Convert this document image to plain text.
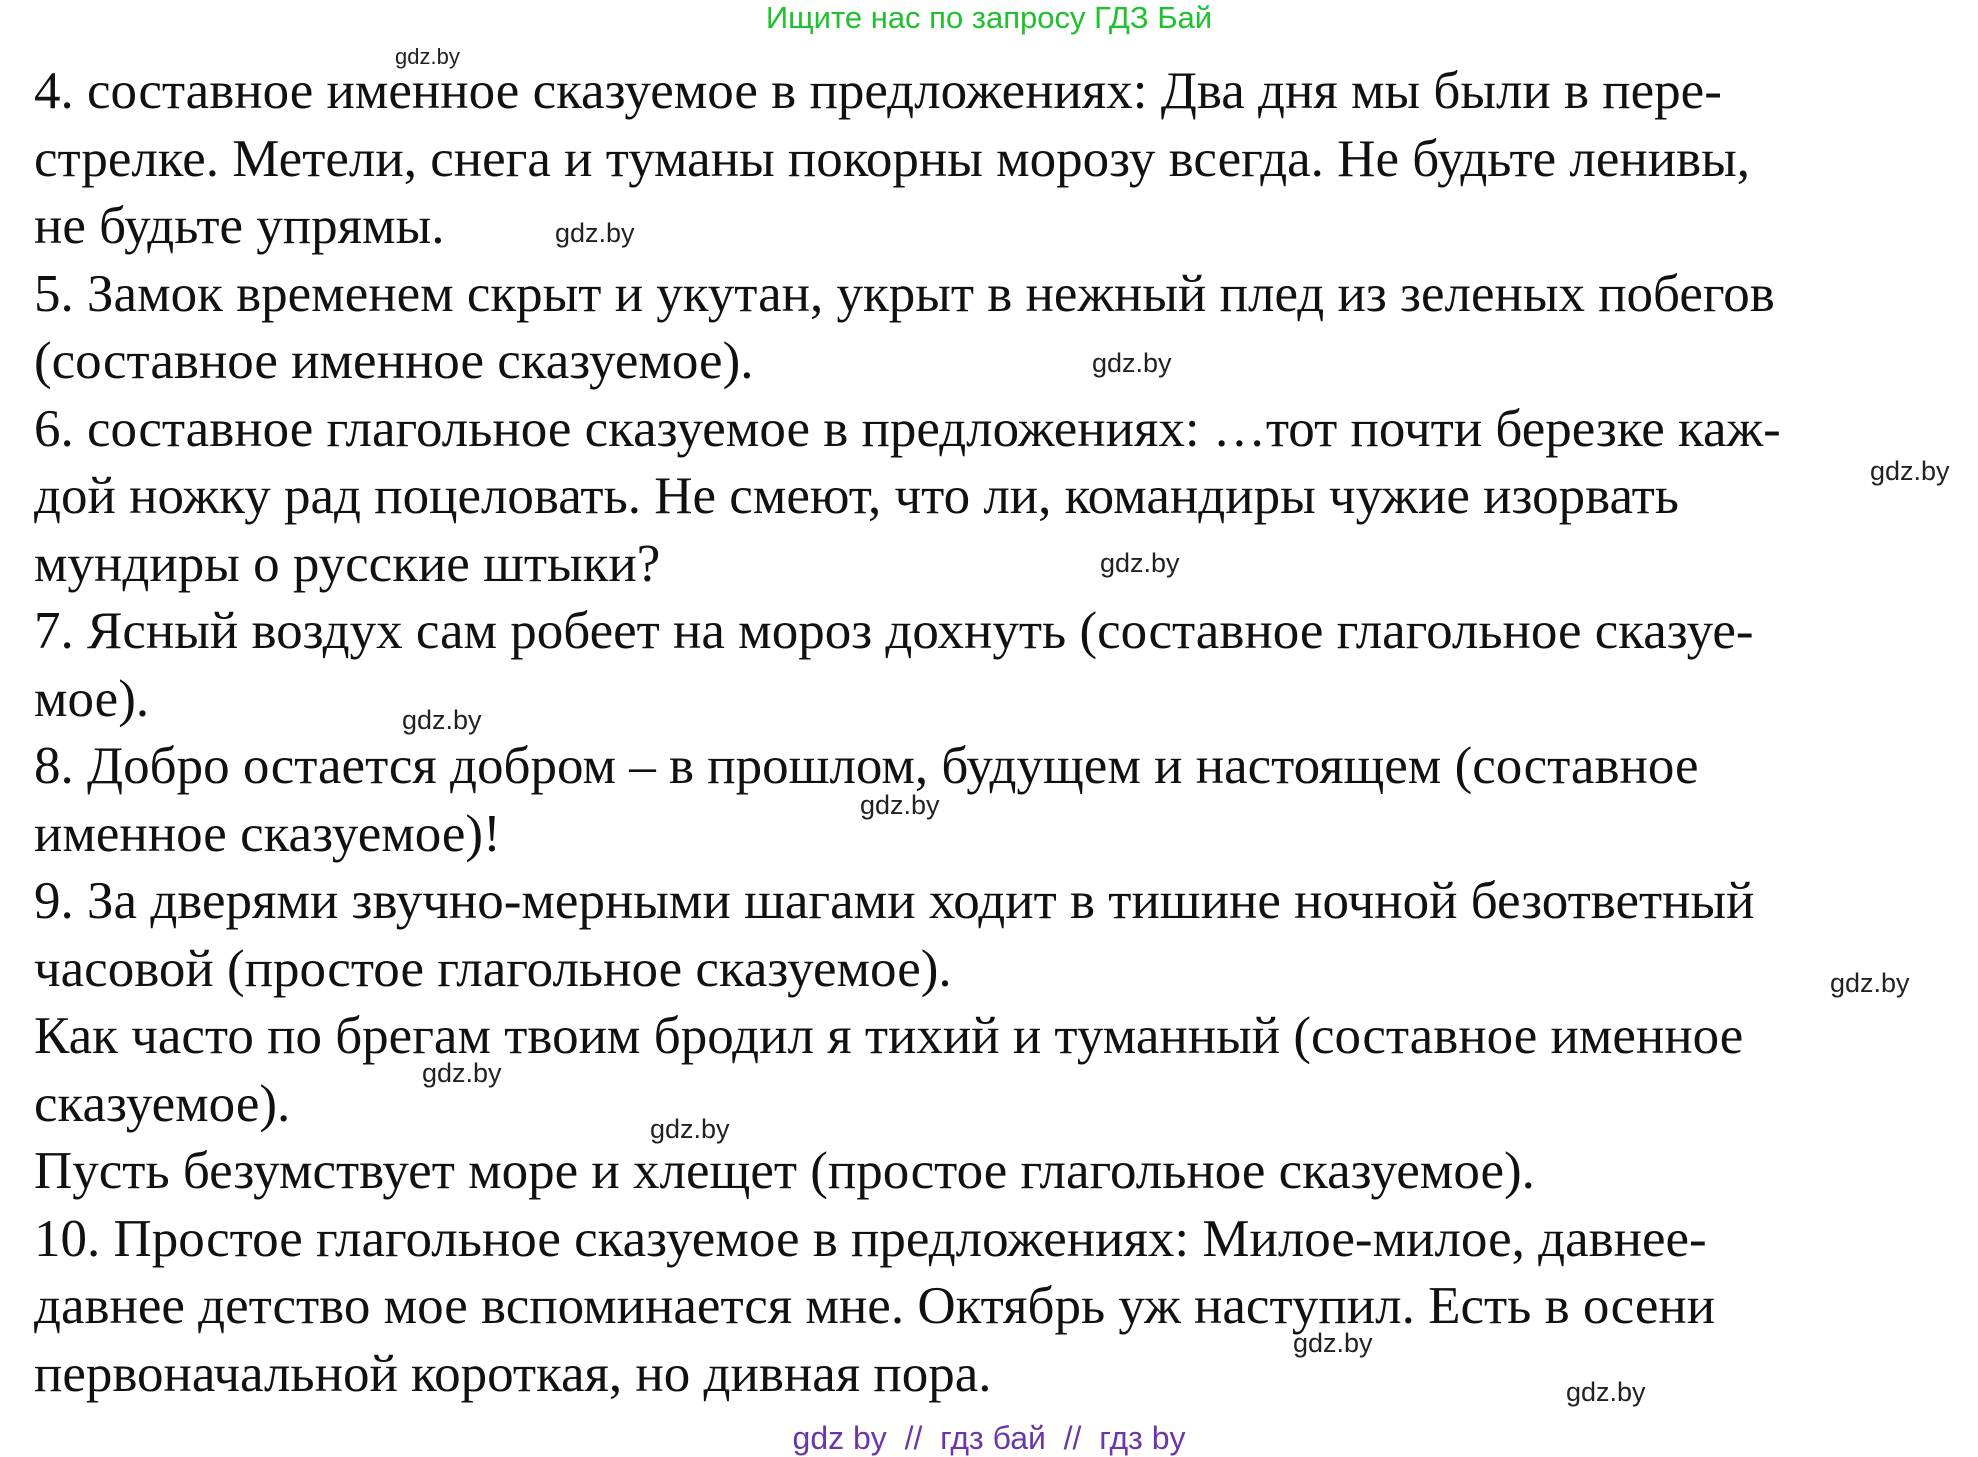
Ищите нас по запросу ГДЗ Бай
4. составное именное сказуемое в предложениях: Два дня мы были в пере-
стрелке. Метели, снега и туманы покорны морозу всегда. Не будьте ленивы,
не будьте упрямы.
5. Замок временем скрыт и укутан, укрыт в нежный плед из зеленых побегов
(составное именное сказуемое).
6. составное глагольное сказуемое в предложениях: …тот почти березке каж-
дой ножку рад поцеловать. Не смеют, что ли, командиры чужие изорвать
мундиры о русские штыки?
7. Ясный воздух сам робеет на мороз дохнуть (составное глагольное сказуе-
мое).
8. Добро остается добром – в прошлом, будущем и настоящем (составное
именное сказуемое)!
9. За дверями звучно-мерными шагами ходит в тишине ночной безответный
часовой (простое глагольное сказуемое).
Как часто по брегам твоим бродил я тихий и туманный (составное именное
сказуемое).
Пусть безумствует море и хлещет (простое глагольное сказуемое).
10. Простое глагольное сказуемое в предложениях: Милое-милое, давнее-
давнее детство мое вспоминается мне. Октябрь уж наступил. Есть в осени
первоначальной короткая, но дивная пора.
gdz.by
gdz.by
gdz.by
gdz.by
gdz.by
gdz.by
gdz.by
gdz.by
gdz.by
gdz.by
gdz.by
gdz.by
gdz by  //  гдз бай  //  гдз by
